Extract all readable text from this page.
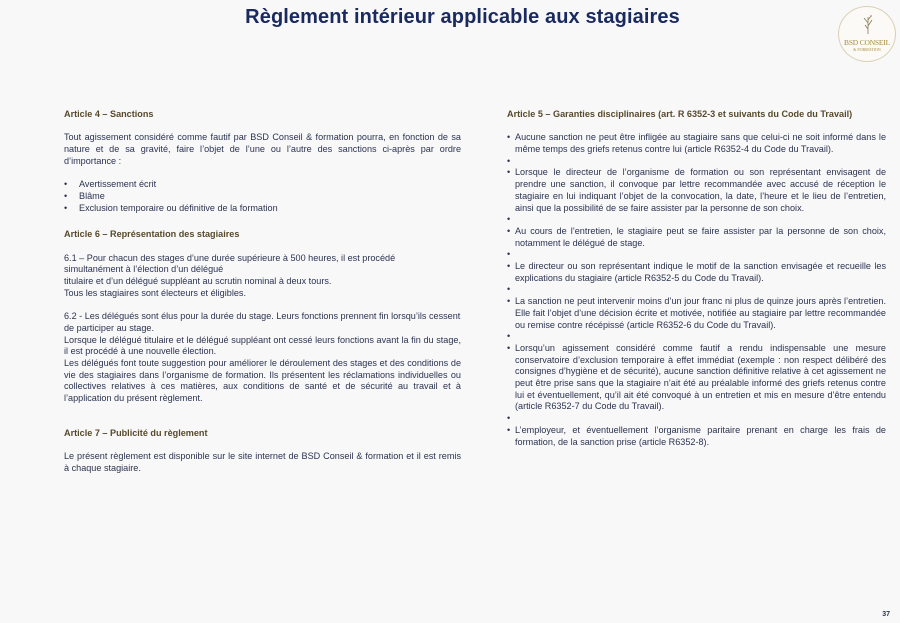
Règlement intérieur applicable aux stagiaires
BSD CONSEIL
& FORMATION

Article 4 – Sanctions

Tout agissement considéré comme fautif par BSD Conseil & formation pourra, en fonction de sa nature et de sa gravité, faire l’objet de l’une ou l’autre des sanctions ci-après par ordre d’importance :

• Avertissement écrit
• Blâme
• Exclusion temporaire ou définitive de la formation

Article 6 – Représentation des stagiaires

6.1 – Pour chacun des stages d’une durée supérieure à 500 heures, il est procédé
simultanément à l’élection d’un délégué
titulaire et d’un délégué suppléant au scrutin nominal à deux tours.
Tous les stagiaires sont électeurs et éligibles.

6.2 - Les délégués sont élus pour la durée du stage. Leurs fonctions prennent fin lorsqu’ils cessent de participer au stage.

Lorsque le délégué titulaire et le délégué suppléant ont cessé leurs fonctions avant la fin du stage, il est procédé à une nouvelle élection.

Les délégués font toute suggestion pour améliorer le déroulement des stages et des conditions de vie des stagiaires dans l’organisme de formation. Ils présentent les réclamations individuelles ou collectives relatives à ces matières, aux conditions de santé et de sécurité au travail et à l’application du présent règlement.

Article 7 – Publicité du règlement

Le présent règlement est disponible sur le site internet de BSD Conseil & formation et il est remis à chaque stagiaire.

Article 5 – Garanties disciplinaires (art. R 6352-3 et suivants du Code du Travail)

• Aucune sanction ne peut être infligée au stagiaire sans que celui-ci ne soit informé dans le même temps des griefs retenus contre lui (article R6352-4 du Code du Travail).
•
• Lorsque le directeur de l’organisme de formation ou son représentant envisagent de prendre une sanction, il convoque par lettre recommandée avec accusé de réception le stagiaire en lui indiquant l’objet de la convocation, la date, l’heure et le lieu de l’entretien, ainsi que la possibilité de se faire assister par la personne de son choix.
•
• Au cours de l’entretien, le stagiaire peut se faire assister par la personne de son choix, notamment le délégué de stage.
•
• Le directeur ou son représentant indique le motif de la sanction envisagée et recueille les explications du stagiaire (article R6352-5 du Code du Travail).
•
• La sanction ne peut intervenir moins d’un jour franc ni plus de quinze jours après l’entretien. Elle fait l’objet d’une décision écrite et motivée, notifiée au stagiaire par lettre recommandée ou remise contre récépissé (article R6352-6 du Code du Travail).
•
• Lorsqu’un agissement considéré comme fautif a rendu indispensable une mesure conservatoire d’exclusion temporaire à effet immédiat (exemple : non respect délibéré des consignes d’hygiène et de sécurité), aucune sanction définitive relative à cet agissement ne peut être prise sans que la stagiaire n’ait été au préalable informé des griefs retenus contre lui et éventuellement, qu’il ait été convoqué à un entretien et mis en mesure d’être entendu (article R6352-7 du Code du Travail).
•
• L’employeur, et éventuellement l’organisme paritaire prenant en charge les frais de formation, de la sanction prise (article R6352-8).
37
